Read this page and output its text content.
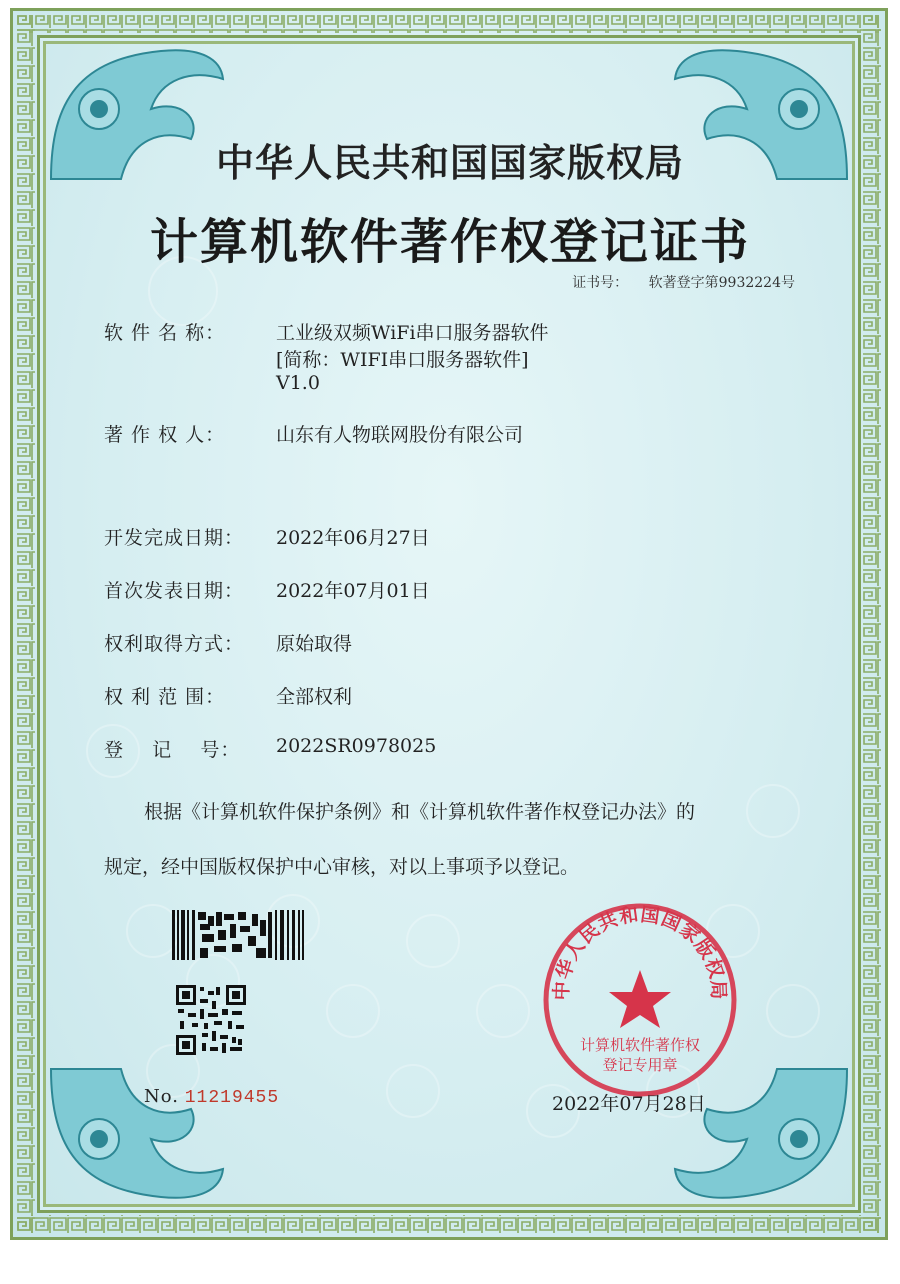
中华人民共和国国家版权局
计算机软件著作权登记证书
证书号： 软著登字第9932224号
软 件 名 称：	工业级双频WiFi串口服务器软件
[简称：WIFI串口服务器软件]
V1.0
著 作 权 人：	山东有人物联网股份有限公司
开发完成日期： 2022年06月27日
首次发表日期： 2022年07月01日
权利取得方式： 原始取得
权 利 范 围：	全部权利
登    记    号： 2022SR0978025
根据《计算机软件保护条例》和《计算机软件著作权登记办法》的
规定，经中国版权保护中心审核，对以上事项予以登记。
中华人民共和国国家版权局
计算机软件著作权
登记专用章
No. 11219455	2022年07月28日
